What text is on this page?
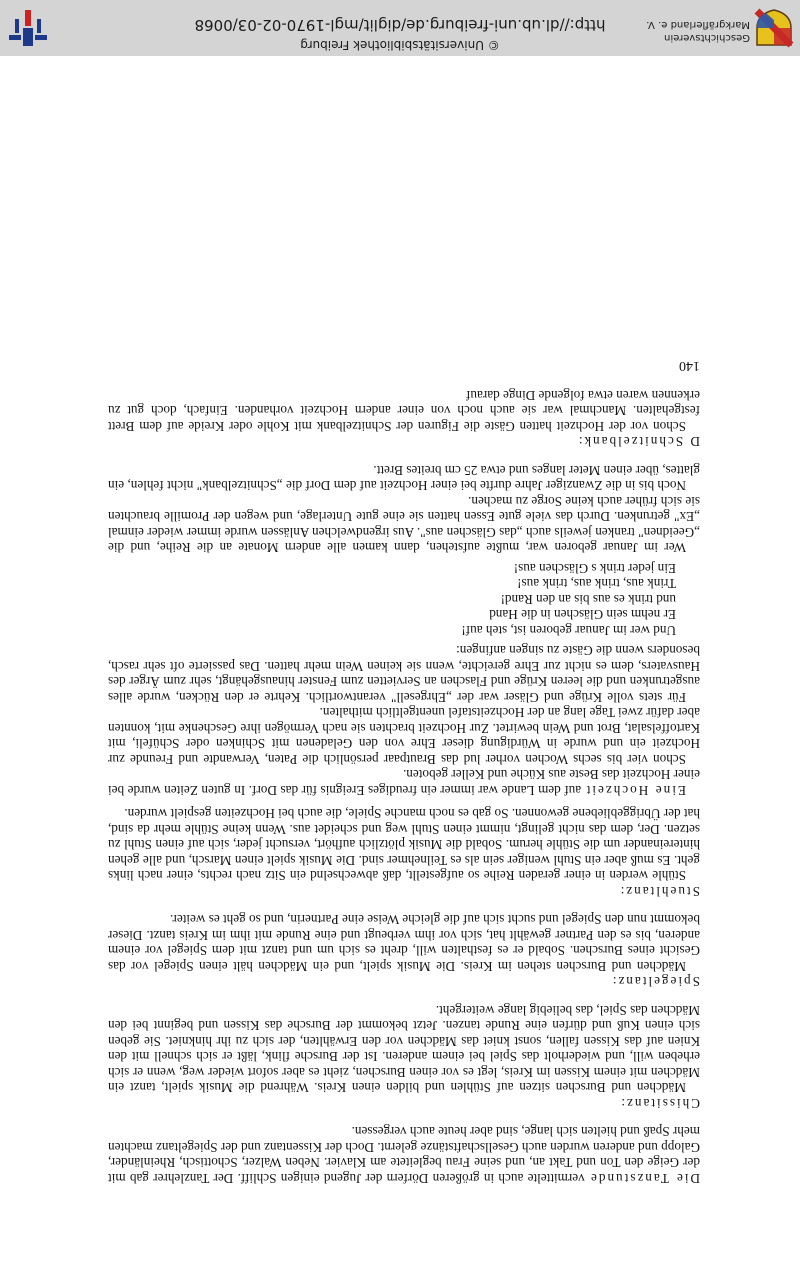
Die Tanzstunde vermittelte auch in größeren Dörfern der Jugend einigen Schliff. Der Tanzlehrer gab mit der Geige den Ton und Takt an, und seine Frau begleitete am Klavier. Neben Walzer, Schottisch, Rheinländer, Galopp und anderen wurden auch Gesellschaftstänze gelernt. Doch der Kissentanz und der Spiegeltanz machten mehr Spaß und hielten sich lange, sind aber heute auch vergessen.

Chissitanz:

Mädchen und Burschen sitzen auf Stühlen und bilden einen Kreis. Während die Musik spielt, tanzt ein Mädchen mit einem Kissen im Kreis, legt es vor einen Burschen, zieht es aber sofort wieder weg, wenn er sich erheben will, und wiederholt das Spiel bei einem anderen. Ist der Bursche flink, läßt er sich schnell mit den Knien auf das Kissen fallen, sonst kniet das Mädchen vor den Erwählten, der sich zu ihr hinkniet. Sie geben sich einen Kuß und dürfen eine Runde tanzen. Jetzt bekommt der Bursche das Kissen und beginnt bei den Mädchen das Spiel, das beliebig lange weitergeht.

Spiegeltanz:

Mädchen und Burschen stehen im Kreis. Die Musik spielt, und ein Mädchen hält einen Spiegel vor das Gesicht eines Burschen. Sobald er es festhalten will, dreht es sich um und tanzt mit dem Spiegel vor einem anderen, bis es den Partner gewählt hat, sich vor ihm verbeugt und eine Runde mit ihm im Kreis tanzt. Dieser bekommt nun den Spiegel und sucht sich auf die gleiche Weise eine Partnerin, und so geht es weiter.

Stuehltanz:

Stühle werden in einer geraden Reihe so aufgestellt, daß abwechselnd ein Sitz nach rechts, einer nach links geht. Es muß aber ein Stuhl weniger sein als es Teilnehmer sind. Die Musik spielt einen Marsch, und alle gehen hintereinander um die Stühle herum. Sobald die Musik plötzlich aufhört, versucht jeder, sich auf einen Stuhl zu setzen. Der, dem das nicht gelingt, nimmt einen Stuhl weg und scheidet aus. Wenn keine Stühle mehr da sind, hat der Übriggebliebene gewonnen. So gab es noch manche Spiele, die auch bei Hochzeiten gespielt wurden.

Eine Hochzeit auf dem Lande war immer ein freudiges Ereignis für das Dorf. In guten Zeiten wurde bei einer Hochzeit das Beste aus Küche und Keller geboten.

Schon vier bis sechs Wochen vorher lud das Brautpaar persönlich die Paten, Verwandte und Freunde zur Hochzeit ein und wurde in Würdigung dieser Ehre von den Geladenen mit Schinken oder Schüfeli, mit Kartoffelsalat, Brot und Wein bewirtet. Zur Hochzeit brachten sie nach Vermögen ihre Geschenke mit, konnten aber dafür zwei Tage lang an der Hochzeitstafel unentgeltlich mithalten.

Für stets volle Krüge und Gläser war der „Ehrgesell" verantwortlich. Kehrte er den Rücken, wurde alles ausgetrunken und die leeren Krüge und Flaschen an Servietten zum Fenster hinausgehängt, sehr zum Ärger des Hausvaters, dem es nicht zur Ehre gereichte, wenn sie keinen Wein mehr hatten. Das passierte oft sehr rasch, besonders wenn die Gäste zu singen anfingen:

Und wer im Januar geboren ist, steh auf!
Er nehm sein Gläschen in die Hand
und trink es aus bis an den Rand!
Trink aus, trink aus, trink aus!
Ein jeder trink s Gläschen aus!

Wer im Januar geboren war, mußte aufstehen, dann kamen alle andern Monate an die Reihe, und die „Geeidnen" tranken jeweils auch „das Gläschen aus". Aus irgendwelchen Anlässen wurde immer wieder einmal „Ex" getrunken. Durch das viele gute Essen hatten sie eine gute Unterlage, und wegen der Promille brauchten sie sich früher auch keine Sorge zu machen.

Noch bis in die Zwanziger Jahre durfte bei einer Hochzeit auf dem Dorf die „Schnitzelbank" nicht fehlen, ein glattes, über einen Meter langes und etwa 25 cm breites Brett.

D Schnitzelbank:

Schon vor der Hochzeit hatten Gäste die Figuren der Schnitzelbank mit Kohle oder Kreide auf dem Brett festgehalten. Manchmal war sie auch noch von einer andern Hochzeit vorhanden. Einfach, doch gut zu erkennen waren etwa folgende Dinge darauf

140
© Universitätsbibliothek Freiburg
http://dl.ub.uni-freiburg.de/diglit/mgl-1970-02-03/0068
Geschichtsverein
Markgräflerland e. V.
